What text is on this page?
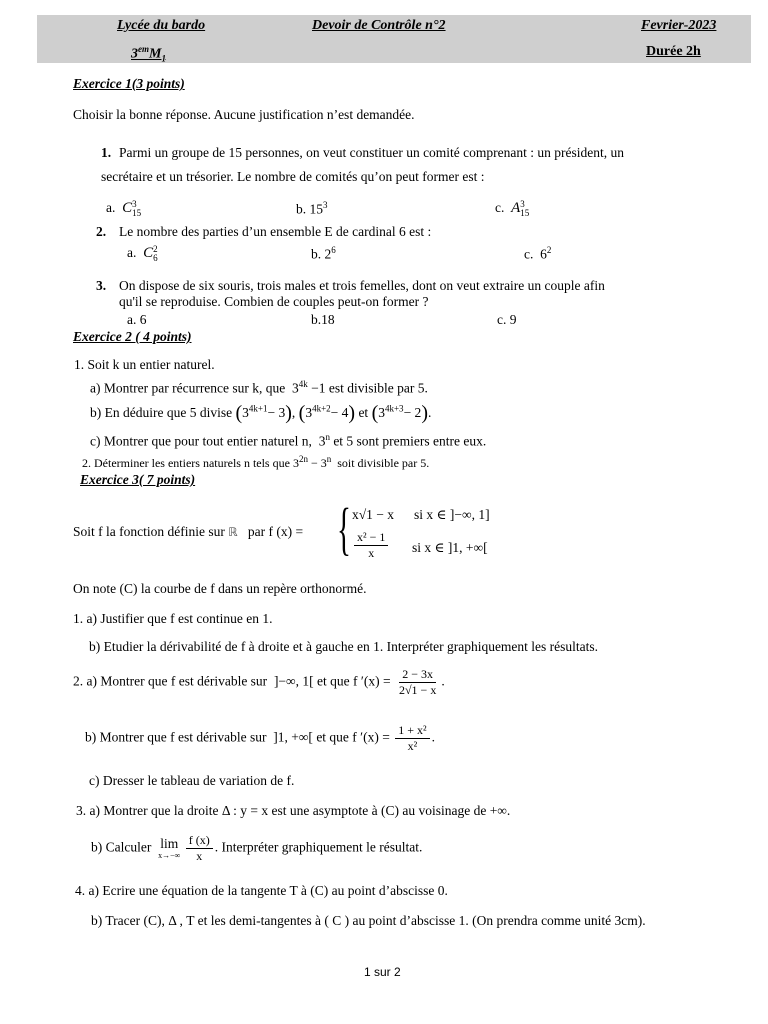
Lycée du bardo	Devoir de Contrôle n°2	Fevrier-2023
$3^{em}M_1$	Durée 2h
Exercice 1(3 points)
Choisir la bonne réponse. Aucune justification n’est demandée.
1. Parmi un groupe de 15 personnes, on veut constituer un comité comprenant : un président, un
secrétaire et un trésorier. Le nombre de comités qu’on peut former est :
a. C 3
15	b. $15^3$	c. A 3
15
2. Le nombre des parties d’un ensemble E de cardinal 6 est :
a. C 2
6	b. $2^6$	c. $6^2$
3. On dispose de six souris, trois males et trois femelles, dont on veut extraire un couple afin
qu'il se reproduise. Combien de couples peut-on former ?
a. 6	b.18	c. 9
Exercice 2 ( 4 points)
1. Soit k un entier naturel.
a) Montrer par récurrence sur k, que $3^{4k} -1$ est divisible par 5.
b) En déduire que 5 divise $(3^{4k+1}- 3)$, $(3^{4k+2}- 4)$ et $(3^{4k+3}- 2)$.
c) Montrer que pour tout entier naturel n, 3$^n$ et 5 sont premiers entre eux.
2. Déterminer les entiers naturels n tels que $3^{2n} - 3^n$ soit divisible par 5.
Exercice 3( 7 points)
Soit f la fonction définie sur ℝ par f (x) = { x√1 − x si x ∈ ]−∞, 1]
$\frac{\text{x² − 1}}{x}$ si x ∈ ]1, +∞[
On note (C) la courbe de f dans un repère orthonormé.
1. a) Justifier que f est continue en 1.
b) Etudier la dérivabilité de f à droite et à gauche en 1. Interpréter graphiquement les résultats.
2. a) Montrer que f est dérivable sur ]−∞, 1[ et que f $'(x) = \frac{2 - 3x}{2√1 - x}$ .
b) Montrer que f est dérivable sur ]1, +∞[ et que f $'(x) = \frac{\text{1 + x²}}{\text{x²}}$ .
c) Dresser le tableau de variation de f.
3. a) Montrer que la droite Δ : y = x est une asymptote à (C) au voisinage de +∞.
b) Calculer lim
x→−∞
$\frac{f (x)}{x}$ . Interpréter graphiquement le résultat.
4. a) Ecrire une équation de la tangente T à (C) au point d’abscisse 0.
b) Tracer (C), Δ , T et les demi-tangentes à ( C ) au point d’abscisse 1. (On prendra comme unité 3cm).
1 sur 2
